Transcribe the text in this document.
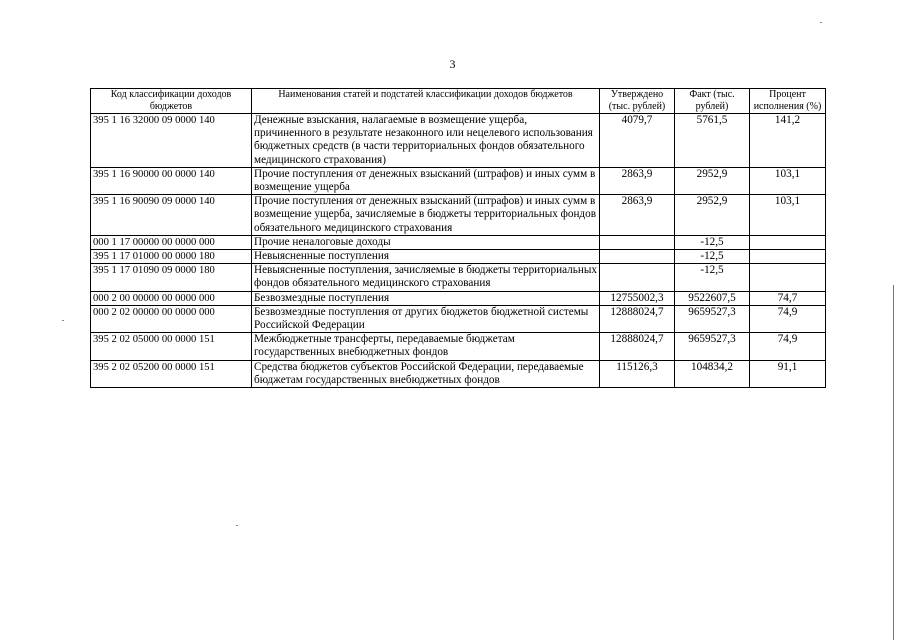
3
Код классификации доходов бюджетов	Наименования статей и подстатей классификации доходов бюджетов	Утверждено (тыс. рублей)	Факт (тыс. рублей)	Процент исполнения (%)
395 1 16 32000 09 0000 140	Денежные взыскания, налагаемые в возмещение ущерба, причиненного в результате незаконного или нецелевого использования бюджетных средств (в части территориальных фондов обязательного медицинского страхования)	4079,7	5761,5	141,2
395 1 16 90000 00 0000 140	Прочие поступления от денежных взысканий (штрафов) и иных сумм в возмещение ущерба	2863,9	2952,9	103,1
395 1 16 90090 09 0000 140	Прочие поступления от денежных взысканий (штрафов) и иных сумм в возмещение ущерба, зачисляемые в бюджеты территориальных фондов обязательного медицинского страхования	2863,9	2952,9	103,1
000 1 17 00000 00 0000 000	Прочие неналоговые доходы		-12,5	
395 1 17 01000 00 0000 180	Невыясненные поступления		-12,5	
395 1 17 01090 09 0000 180	Невыясненные поступления, зачисляемые в бюджеты территориальных фондов обязательного медицинского страхования		-12,5	
000 2 00 00000 00 0000 000	Безвозмездные поступления	12755002,3	9522607,5	74,7
000 2 02 00000 00 0000 000	Безвозмездные поступления от других бюджетов бюджетной системы Российской Федерации	12888024,7	9659527,3	74,9
395 2 02 05000 00 0000 151	Межбюджетные трансферты, передаваемые бюджетам государственных внебюджетных фондов	12888024,7	9659527,3	74,9
395 2 02 05200 00 0000 151	Средства бюджетов субъектов Российской Федерации, передаваемые бюджетам государственных внебюджетных фондов	115126,3	104834,2	91,1
